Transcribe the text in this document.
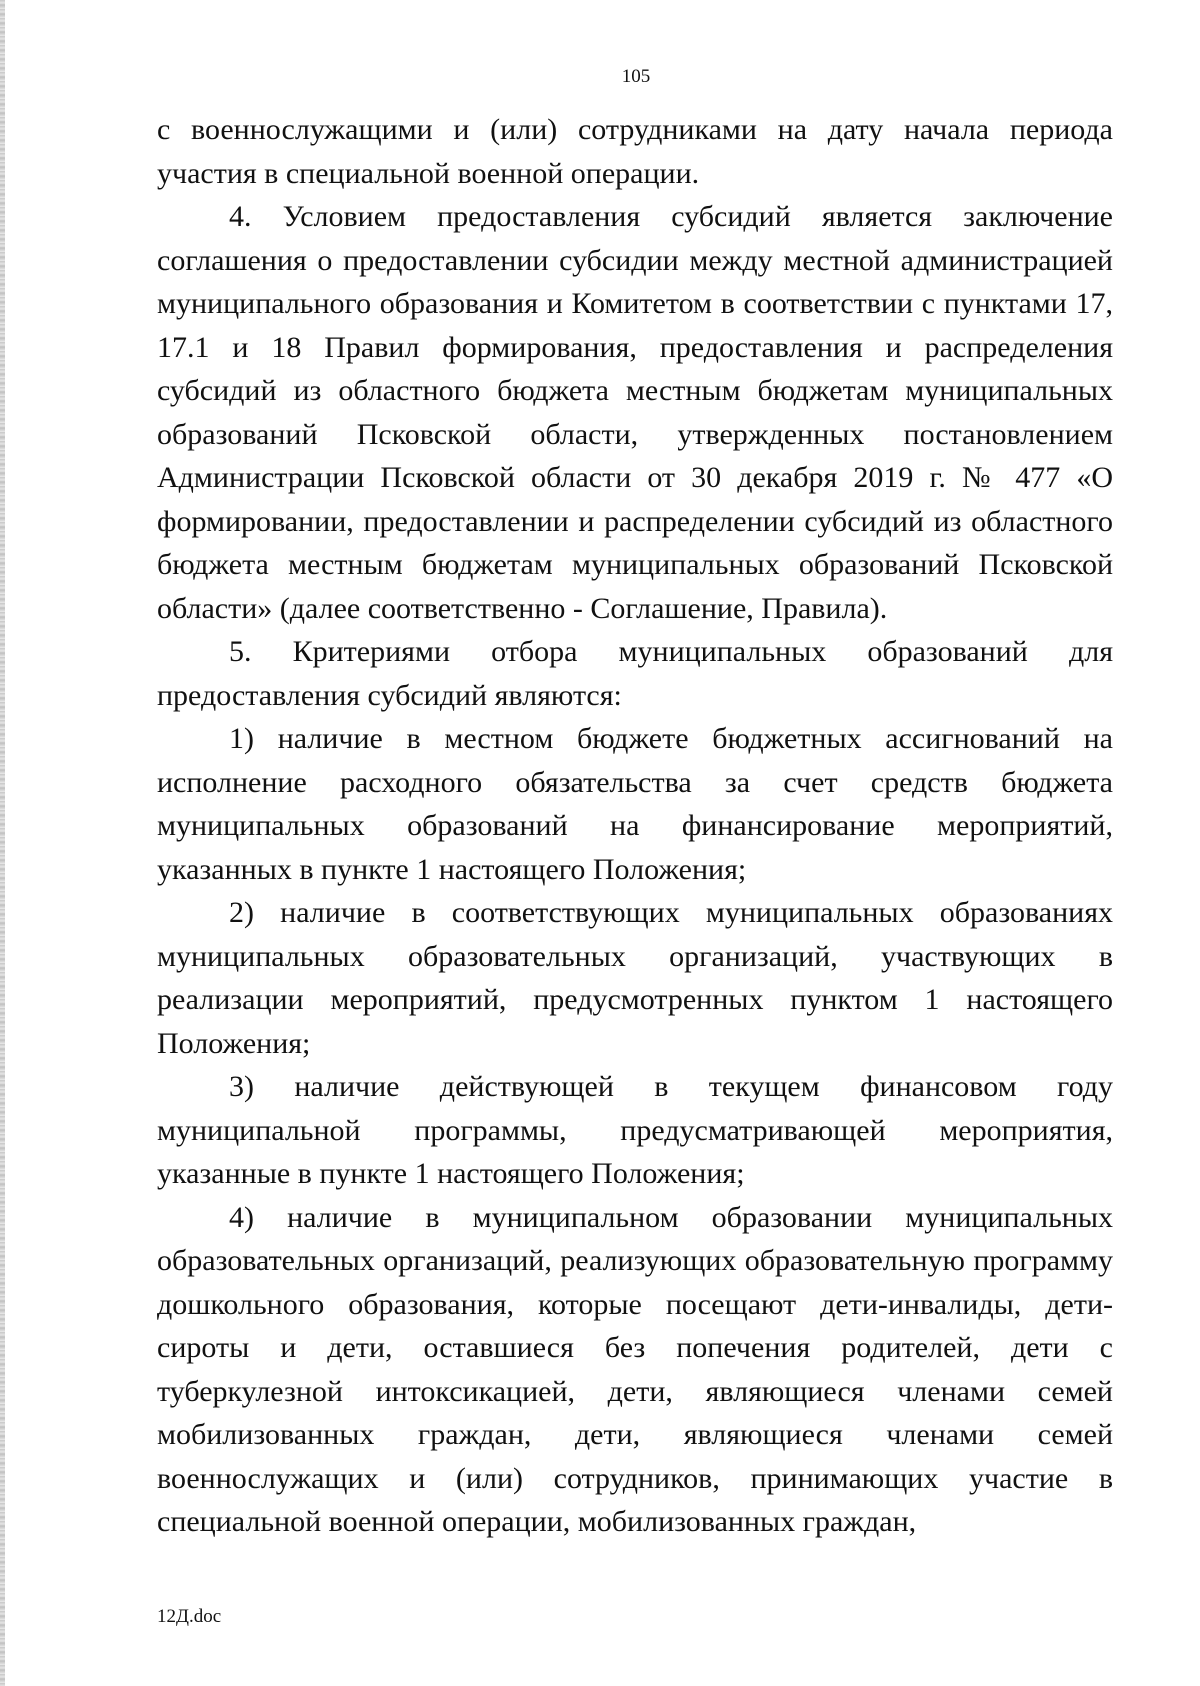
105

с военнослужащими и (или) сотрудниками на дату начала периода участия в специальной военной операции.

4. Условием предоставления субсидий является заключение соглашения о предоставлении субсидии между местной администрацией муниципального образования и Комитетом в соответствии с пунктами 17, 17.1 и 18 Правил формирования, предоставления и распределения субсидий из областного бюджета местным бюджетам муниципальных образований Псковской области, утвержденных постановлением Администрации Псковской области от 30 декабря 2019 г. № 477 «О формировании, предоставлении и распределении субсидий из областного бюджета местным бюджетам муниципальных образований Псковской области» (далее соответственно - Соглашение, Правила).

5. Критериями отбора муниципальных образований для предоставления субсидий являются:

1) наличие в местном бюджете бюджетных ассигнований на исполнение расходного обязательства за счет средств бюджета муниципальных образований на финансирование мероприятий, указанных в пункте 1 настоящего Положения;

2) наличие в соответствующих муниципальных образованиях муниципальных образовательных организаций, участвующих в реализации мероприятий, предусмотренных пунктом 1 настоящего Положения;

3) наличие действующей в текущем финансовом году муниципальной программы, предусматривающей мероприятия, указанные в пункте 1 настоящего Положения;

4) наличие в муниципальном образовании муниципальных образовательных организаций, реализующих образовательную программу дошкольного образования, которые посещают дети-инвалиды, дети-сироты и дети, оставшиеся без попечения родителей, дети с туберкулезной интоксикацией, дети, являющиеся членами семей мобилизованных граждан, дети, являющиеся членами семей военнослужащих и (или) сотрудников, принимающих участие в специальной военной операции, мобилизованных граждан,

12Д.doc
